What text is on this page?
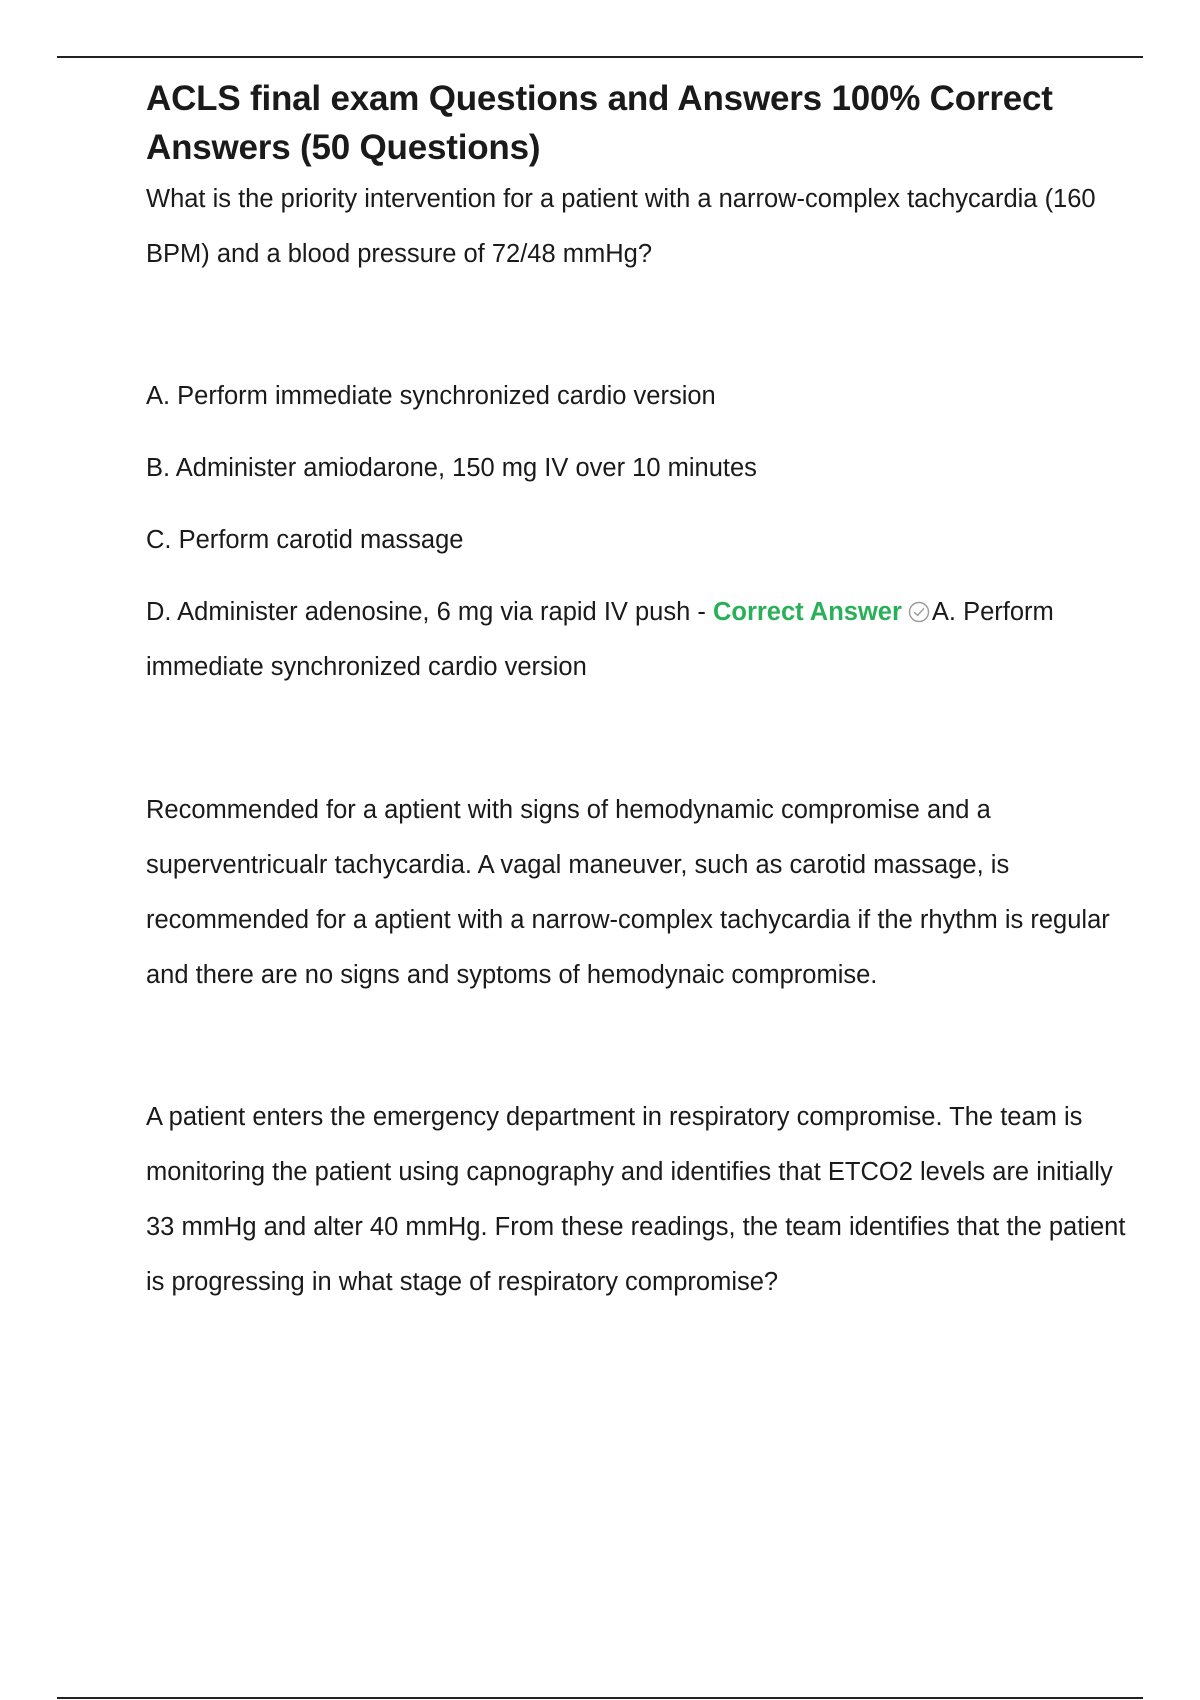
ACLS final exam Questions and Answers 100% Correct Answers (50 Questions)

What is the priority intervention for a patient with a narrow-complex tachycardia (160 BPM) and a blood pressure of 72/48 mmHg?

A. Perform immediate synchronized cardio version

B. Administer amiodarone, 150 mg IV over 10 minutes

C. Perform carotid massage

D. Administer adenosine, 6 mg via rapid IV push - Correct Answer A. Perform immediate synchronized cardio version

Recommended for a aptient with signs of hemodynamic compromise and a superventricualr tachycardia. A vagal maneuver, such as carotid massage, is recommended for a aptient with a narrow-complex tachycardia if the rhythm is regular and there are no signs and syptoms of hemodynaic compromise.

A patient enters the emergency department in respiratory compromise. The team is monitoring the patient using capnography and identifies that ETCO2 levels are initially 33 mmHg and alter 40 mmHg. From these readings, the team identifies that the patient is progressing in what stage of respiratory compromise?
